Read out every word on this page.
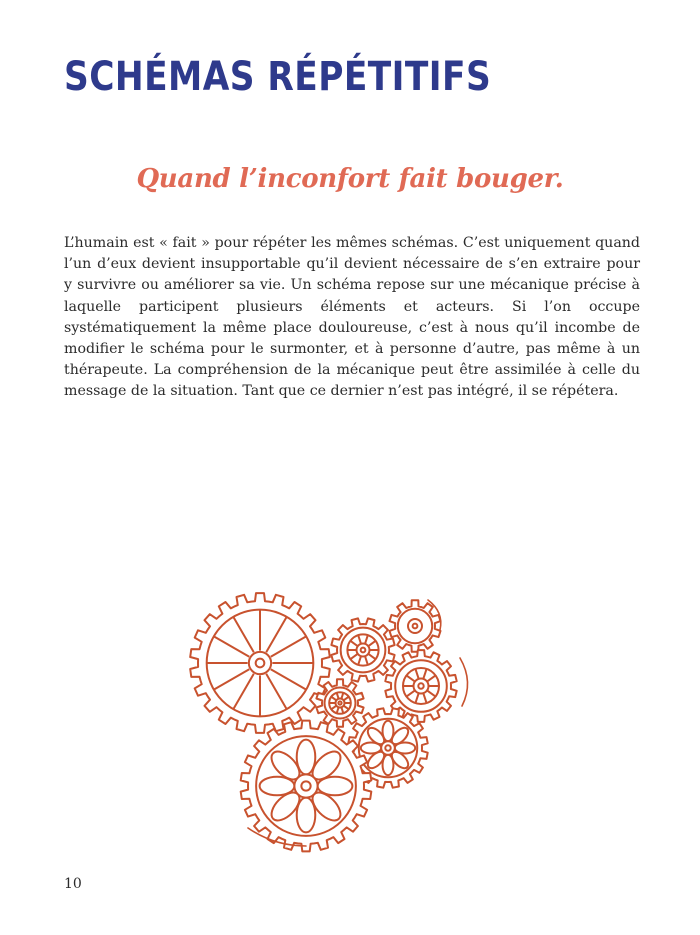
SCHÉMAS RÉPÉTITIFS
Quand l’inconfort fait bouger.

L’humain est « fait » pour répéter les mêmes schémas. C’est uniquement quand l’un d’eux devient insupportable qu’il devient nécessaire de s’en extraire pour y survivre ou améliorer sa vie. Un schéma repose sur une mécanique précise à laquelle participent plusieurs éléments et acteurs. Si l’on occupe systématiquement la même place douloureuse, c’est à nous qu’il incombe de modifier le schéma pour le surmonter, et à personne d’autre, pas même à un thérapeute. La compréhension de la mécanique peut être assimilée à celle du message de la situation. Tant que ce dernier n’est pas intégré, il se répétera.

10
